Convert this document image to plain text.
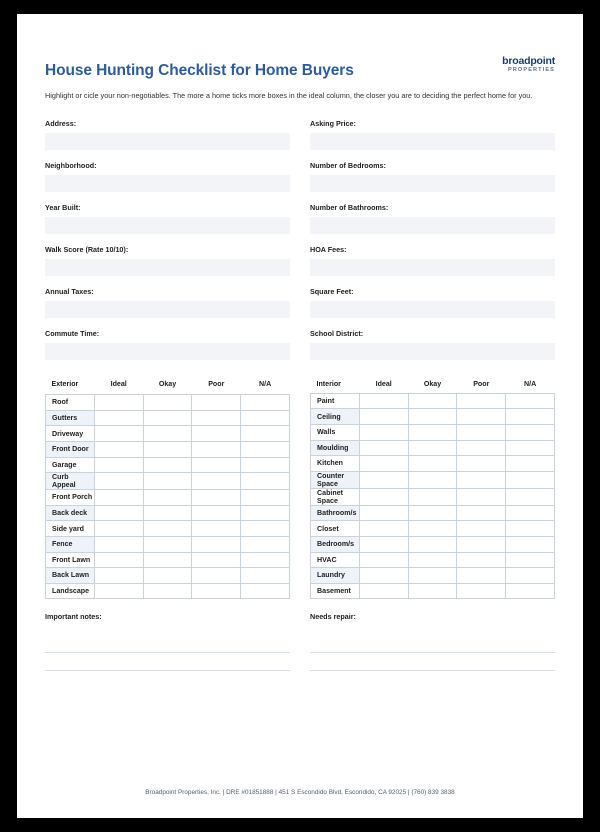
broadpoint
PROPERTIES
House Hunting Checklist for Home Buyers

Highlight or cicle your non-negotiables. The more a home ticks more boxes in the ideal column, the closer you are to deciding the perfect home for you.

Address:
Neighborhood:
Year Built:
Walk Score (Rate 10/10):
Annual Taxes:
Commute Time:
Asking Price:
Number of Bedrooms:
Number of Bathrooms:
HOA Fees:
Square Feet:
School District:
Exterior	Ideal	Okay	Poor	N/A
Roof				
Gutters				
Driveway				
Front Door				
Garage				
Curb Appeal				
Front Porch				
Back deck				
Side yard				
Fence				
Front Lawn				
Back Lawn				
Landscape				
Interior	Ideal	Okay	Poor	N/A
Paint				
Ceiling				
Walls				
Moulding				
Kitchen				
Counter Space				
Cabinet Space				
Bathroom/s				
Closet				
Bedroom/s				
HVAC				
Laundry				
Basement				
Important notes:	Needs repair:
Broadpoint Properties, Inc. | DRE #01851888 | 451 S Escondido Blvd, Escondido, CA 92025 | (760) 839 3838
